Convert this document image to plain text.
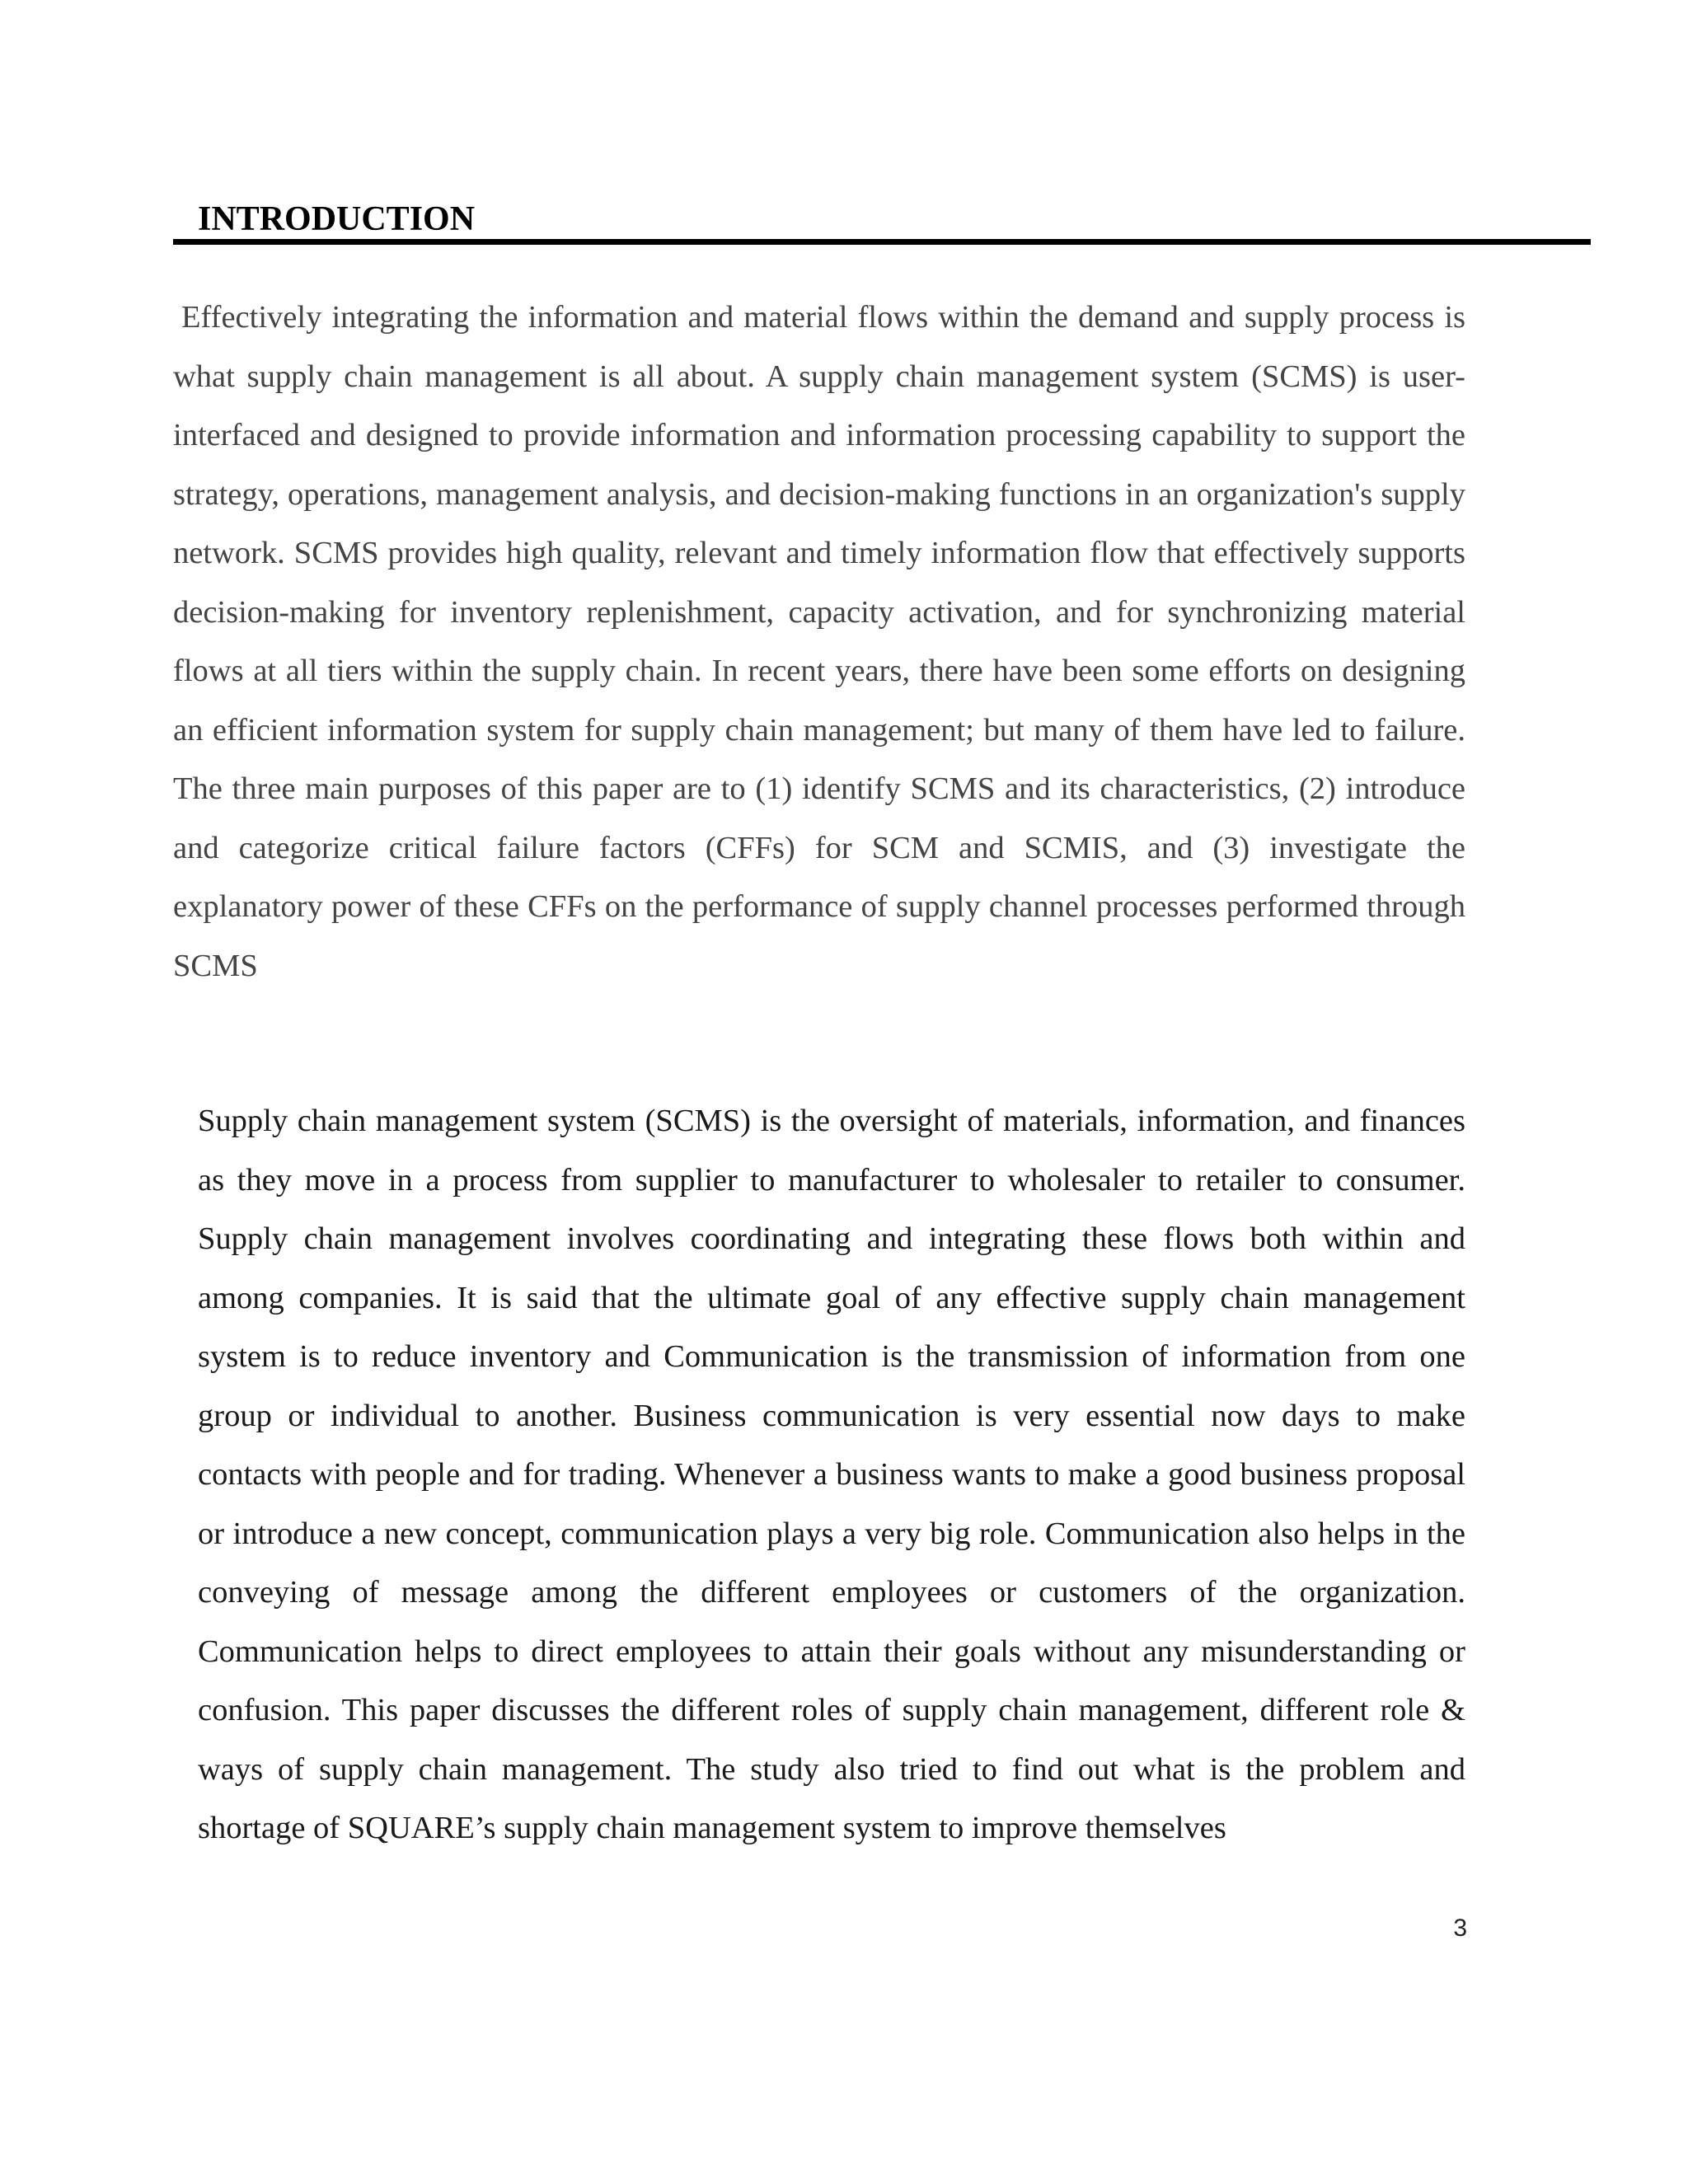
INTRODUCTION

Effectively integrating the information and material flows within the demand and supply process is what supply chain management is all about. A supply chain management system (SCMS) is user-interfaced and designed to provide information and information processing capability to support the strategy, operations, management analysis, and decision-making functions in an organization's supply network. SCMS provides high quality, relevant and timely information flow that effectively supports decision-making for inventory replenishment, capacity activation, and for synchronizing material flows at all tiers within the supply chain. In recent years, there have been some efforts on designing an efficient information system for supply chain management; but many of them have led to failure. The three main purposes of this paper are to (1) identify SCMS and its characteristics, (2) introduce and categorize critical failure factors (CFFs) for SCM and SCMIS, and (3) investigate the explanatory power of these CFFs on the performance of supply channel processes performed through SCMS

Supply chain management system (SCMS) is the oversight of materials, information, and finances as they move in a process from supplier to manufacturer to wholesaler to retailer to consumer. Supply chain management involves coordinating and integrating these flows both within and among companies. It is said that the ultimate goal of any effective supply chain management system is to reduce inventory and Communication is the transmission of information from one group or individual to another. Business communication is very essential now days to make contacts with people and for trading. Whenever a business wants to make a good business proposal or introduce a new concept, communication plays a very big role. Communication also helps in the conveying of message among the different employees or customers of the organization. Communication helps to direct employees to attain their goals without any misunderstanding or confusion. This paper discusses the different roles of supply chain management, different role & ways of supply chain management. The study also tried to find out what is the problem and shortage of SQUARE’s supply chain management system to improve themselves

3
